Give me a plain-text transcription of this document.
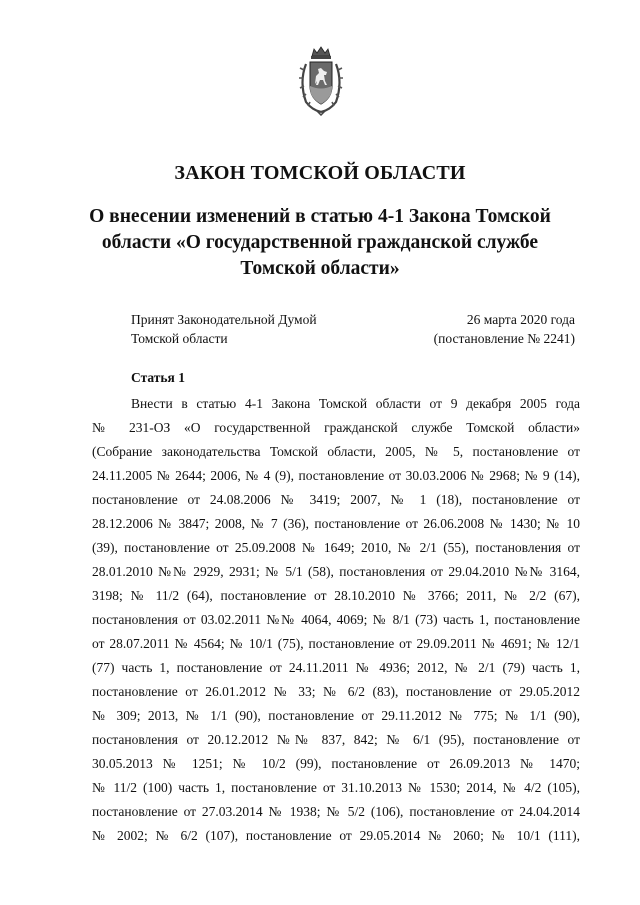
ЗАКОН ТОМСКОЙ ОБЛАСТИ
О внесении изменений в статью 4-1 Закона Томской
области «О государственной гражданской службе
Томской области»
Принят Законодательной Думой
Томской области
26 марта 2020 года
(постановление № 2241)
Статья 1

Внести в статью 4-1 Закона Томской области от 9 декабря 2005 года
№ 231-ОЗ «О государственной гражданской службе Томской области»
(Собрание законодательства Томской области, 2005, № 5, постановление от
24.11.2005 № 2644; 2006, № 4 (9), постановление от 30.03.2006 № 2968; № 9 (14),
постановление от 24.08.2006 № 3419; 2007, № 1 (18), постановление от
28.12.2006 № 3847; 2008, № 7 (36), постановление от 26.06.2008 № 1430; № 10
(39), постановление от 25.09.2008 № 1649; 2010, № 2/1 (55), постановления от
28.01.2010 №№ 2929, 2931; № 5/1 (58), постановления от 29.04.2010 №№ 3164,
3198; № 11/2 (64), постановление от 28.10.2010 № 3766; 2011, № 2/2 (67),
постановления от 03.02.2011 №№ 4064, 4069; № 8/1 (73) часть 1, постановление
от 28.07.2011 № 4564; № 10/1 (75), постановление от 29.09.2011 № 4691; № 12/1
(77) часть 1, постановление от 24.11.2011 № 4936; 2012, № 2/1 (79) часть 1,
постановление от 26.01.2012 № 33; № 6/2 (83), постановление от 29.05.2012
№ 309; 2013, № 1/1 (90), постановление от 29.11.2012 № 775; № 1/1 (90),
постановления от 20.12.2012 №№ 837, 842; № 6/1 (95), постановление от
30.05.2013 № 1251; № 10/2 (99), постановление от 26.09.2013 № 1470;
№ 11/2 (100) часть 1, постановление от 31.10.2013 № 1530; 2014, № 4/2 (105),
постановление от 27.03.2014 № 1938; № 5/2 (106), постановление от 24.04.2014
№ 2002; № 6/2 (107), постановление от 29.05.2014 № 2060; № 10/1 (111),
